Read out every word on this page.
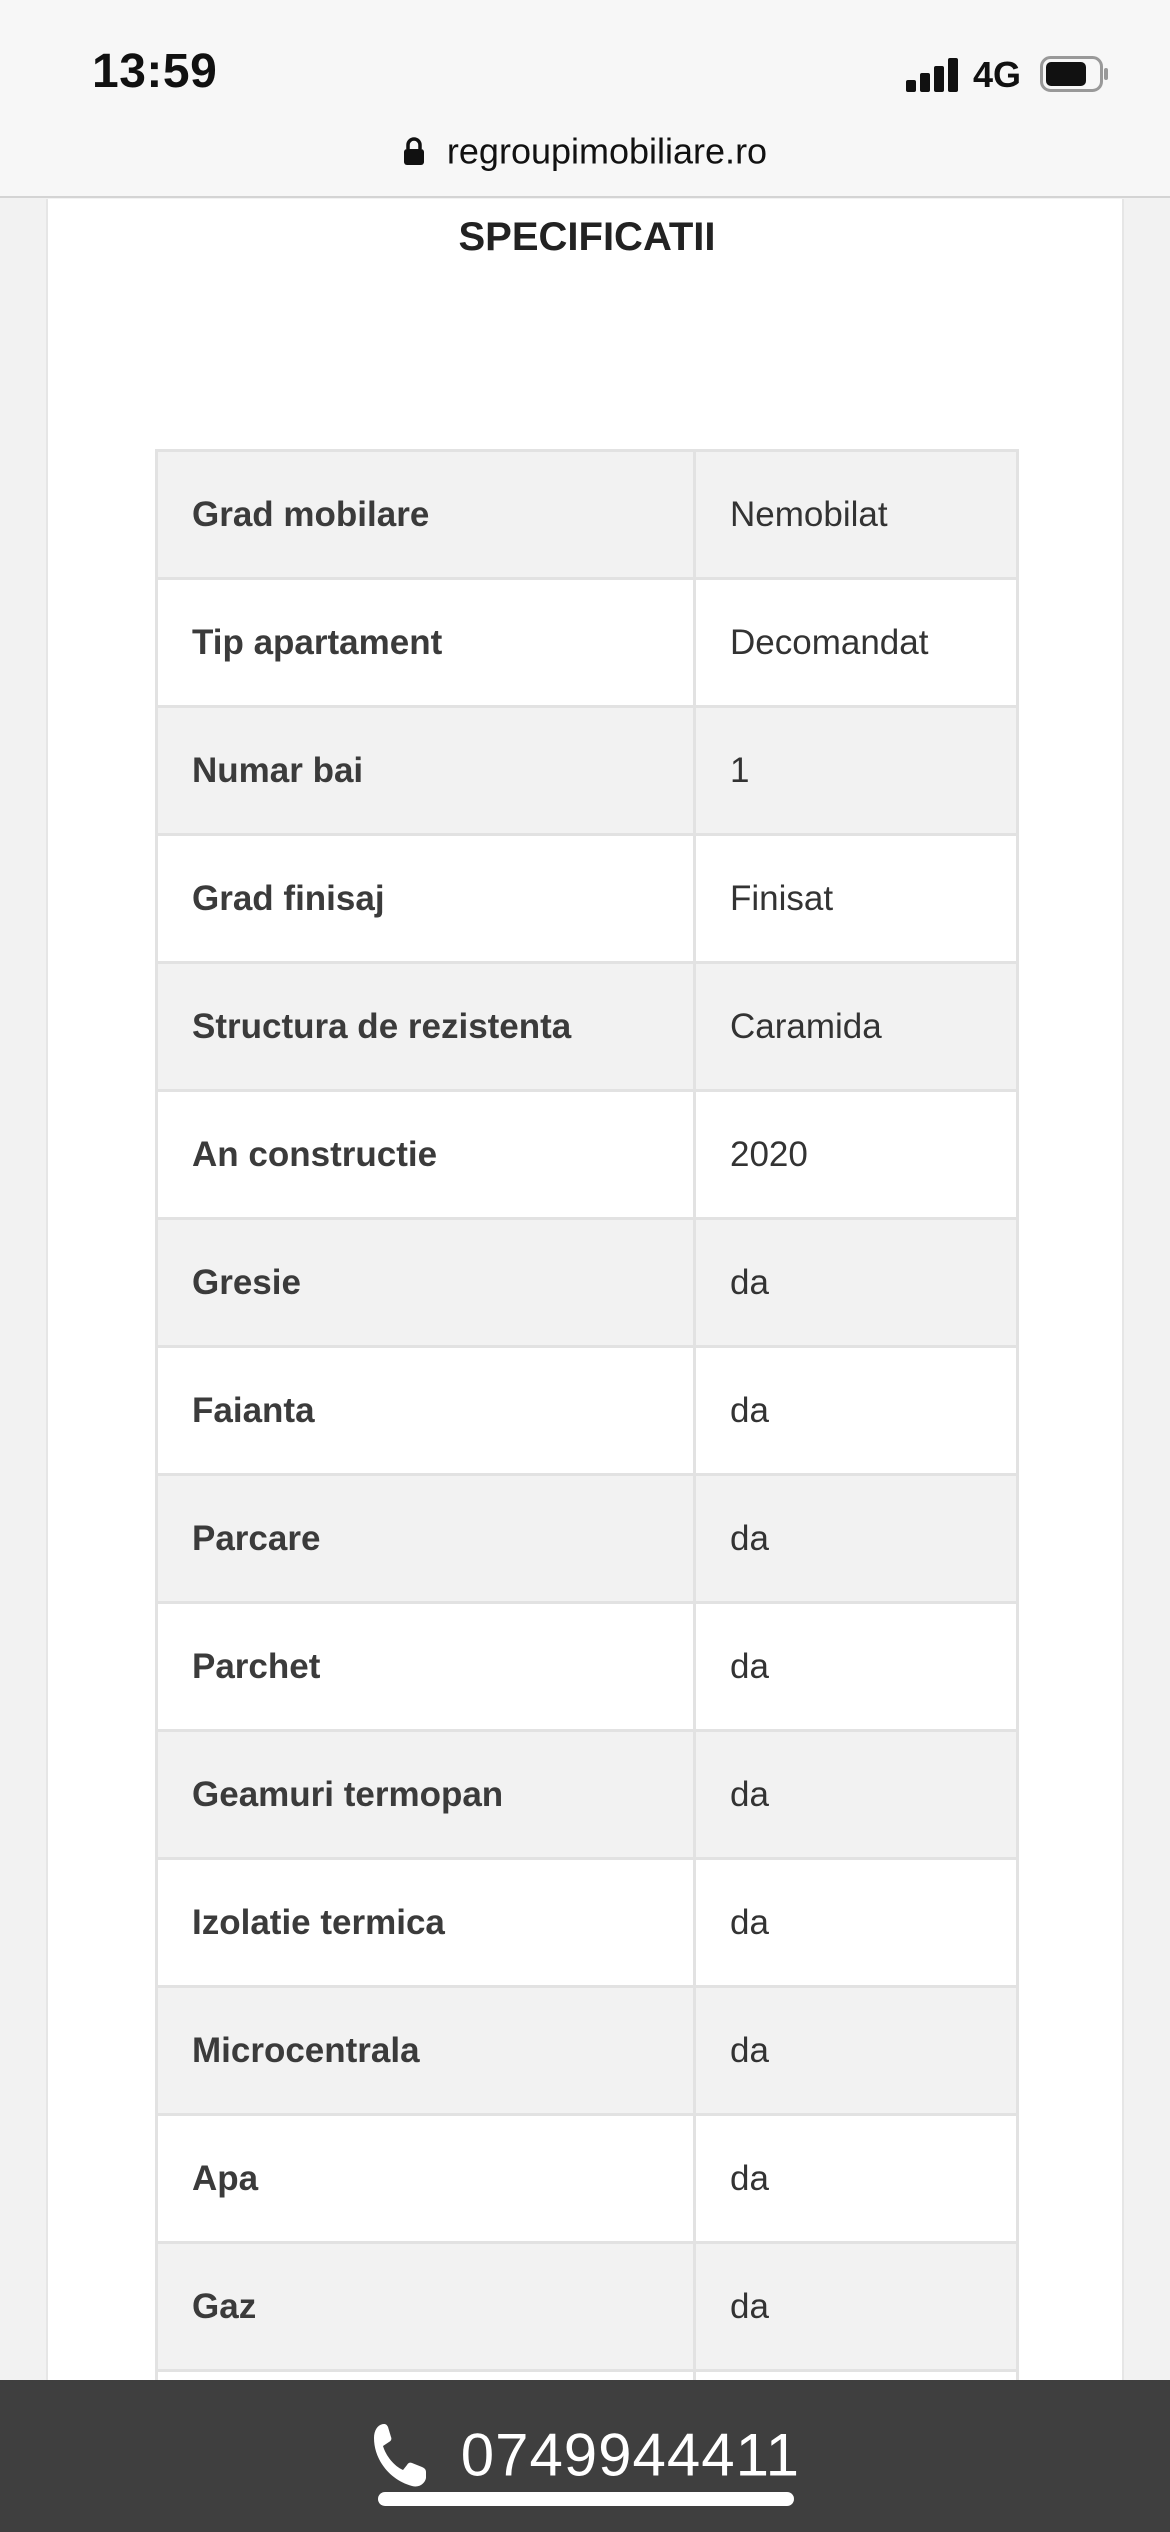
13:59	4G
regroupimobiliare.ro
SPECIFICATII
Grad mobilare	Nemobilat
Tip apartament	Decomandat
Numar bai	1
Grad finisaj	Finisat
Structura de rezistenta	Caramida
An constructie	2020
Gresie	da
Faianta	da
Parcare	da
Parchet	da
Geamuri termopan	da
Izolatie termica	da
Microcentrala	da
Apa	da
Gaz	da

0749944411
